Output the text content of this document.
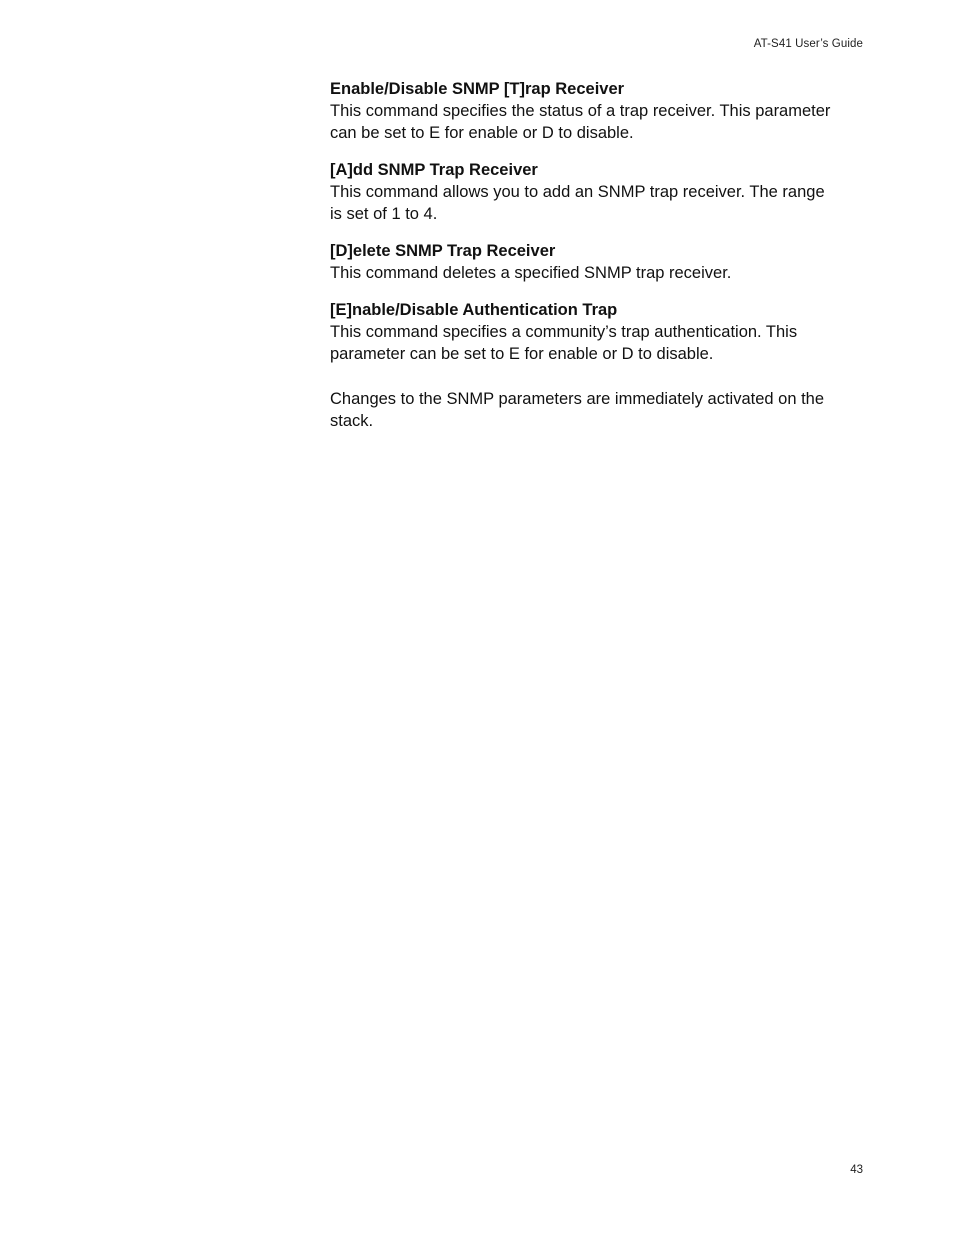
AT-S41 User’s Guide

Enable/Disable SNMP [T]rap Receiver

This command specifies the status of a trap receiver. This parameter can be set to E for enable or D to disable.

[A]dd SNMP Trap Receiver

This command allows you to add an SNMP trap receiver. The range is set of 1 to 4.

[D]elete SNMP Trap Receiver

This command deletes a specified SNMP trap receiver.

[E]nable/Disable Authentication Trap

This command specifies a community’s trap authentication. This parameter can be set to E for enable or D to disable.

Changes to the SNMP parameters are immediately activated on the stack.

43
